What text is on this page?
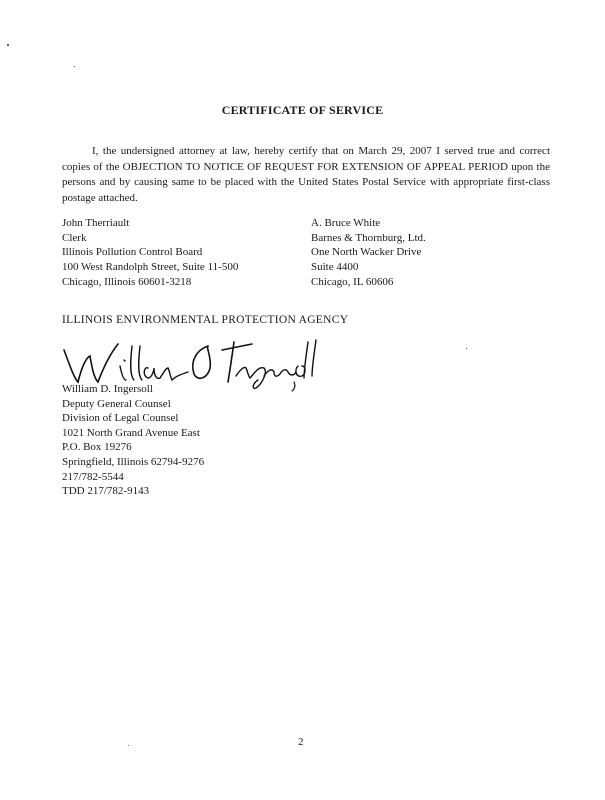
CERTIFICATE OF SERVICE
I, the undersigned attorney at law, hereby certify that on March 29, 2007 I served true and correct copies of the OBJECTION TO NOTICE OF REQUEST FOR EXTENSION OF APPEAL PERIOD upon the persons and by causing same to be placed with the United States Postal Service with appropriate first-class postage attached.
John Therriault
Clerk
Illinois Pollution Control Board
100 West Randolph Street, Suite 11-500
Chicago, Illinois 60601-3218
A. Bruce White
Barnes & Thornburg, Ltd.
One North Wacker Drive
Suite 4400
Chicago, IL 60606
ILLINOIS ENVIRONMENTAL PROTECTION AGENCY
William D. Ingersoll
Deputy General Counsel
Division of Legal Counsel
1021 North Grand Avenue East
P.O. Box 19276
Springfield, Illinois 62794-9276
217/782-5544
TDD 217/782-9143
2
